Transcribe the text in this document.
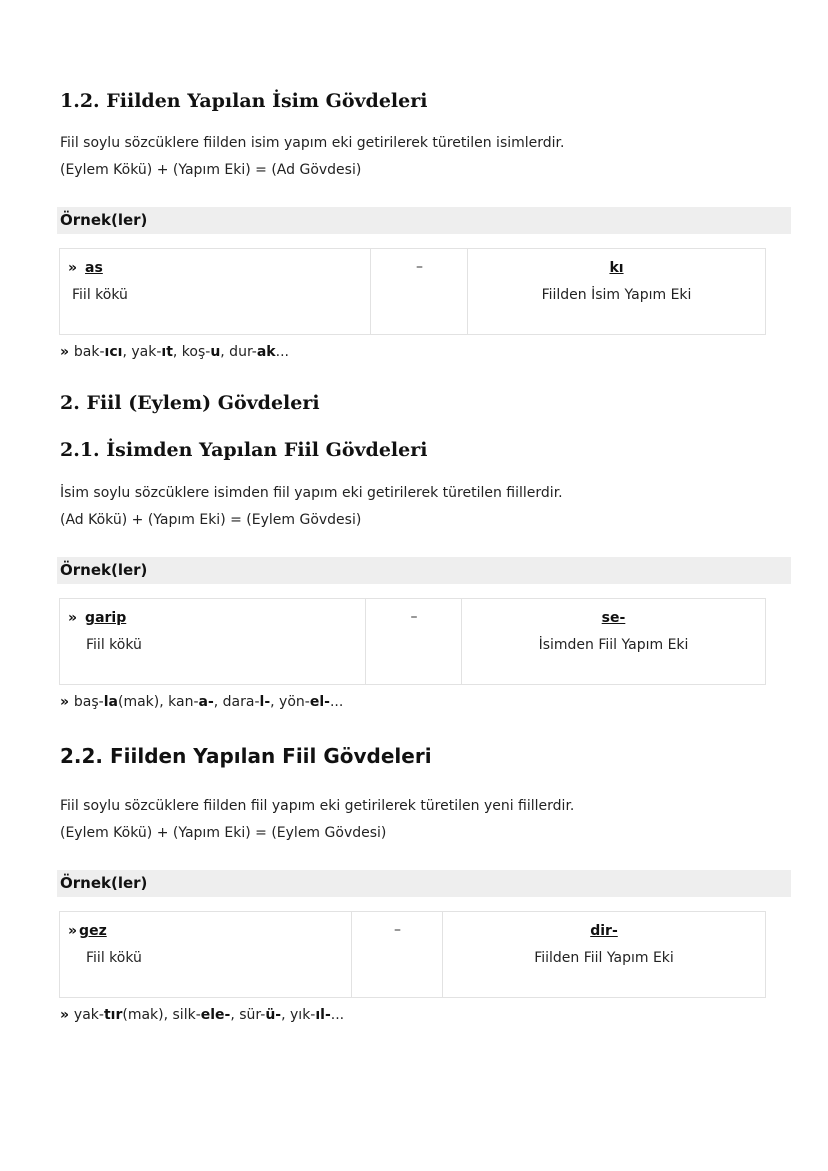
1.2. Fiilden Yapılan İsim Gövdeleri
Fiil soylu sözcüklere fiilden isim yapım eki getirilerek türetilen isimlerdir.
(Eylem Kökü) + (Yapım Eki) = (Ad Gövdesi)
Örnek(ler)
» as
Fiil kökü
–	kı
Fiilden İsim Yapım Eki

» bak-ıcı, yak-ıt, koş-u, dur-ak...

2. Fiil (Eylem) Gövdeleri
2.1. İsimden Yapılan Fiil Gövdeleri
İsim soylu sözcüklere isimden fiil yapım eki getirilerek türetilen fiillerdir.
(Ad Kökü) + (Yapım Eki) = (Eylem Gövdesi)
Örnek(ler)
» garip
Fiil kökü
–	se-
İsimden Fiil Yapım Eki

» baş-la(mak), kan-a-, dara-l-, yön-el-...

2.2. Fiilden Yapılan Fiil Gövdeleri
Fiil soylu sözcüklere fiilden fiil yapım eki getirilerek türetilen yeni fiillerdir.
(Eylem Kökü) + (Yapım Eki) = (Eylem Gövdesi)
Örnek(ler)
» gez
Fiil kökü
–	dir-
Fiilden Fiil Yapım Eki

» yak-tır(mak), silk-ele-, sür-ü-, yık-ıl-...
